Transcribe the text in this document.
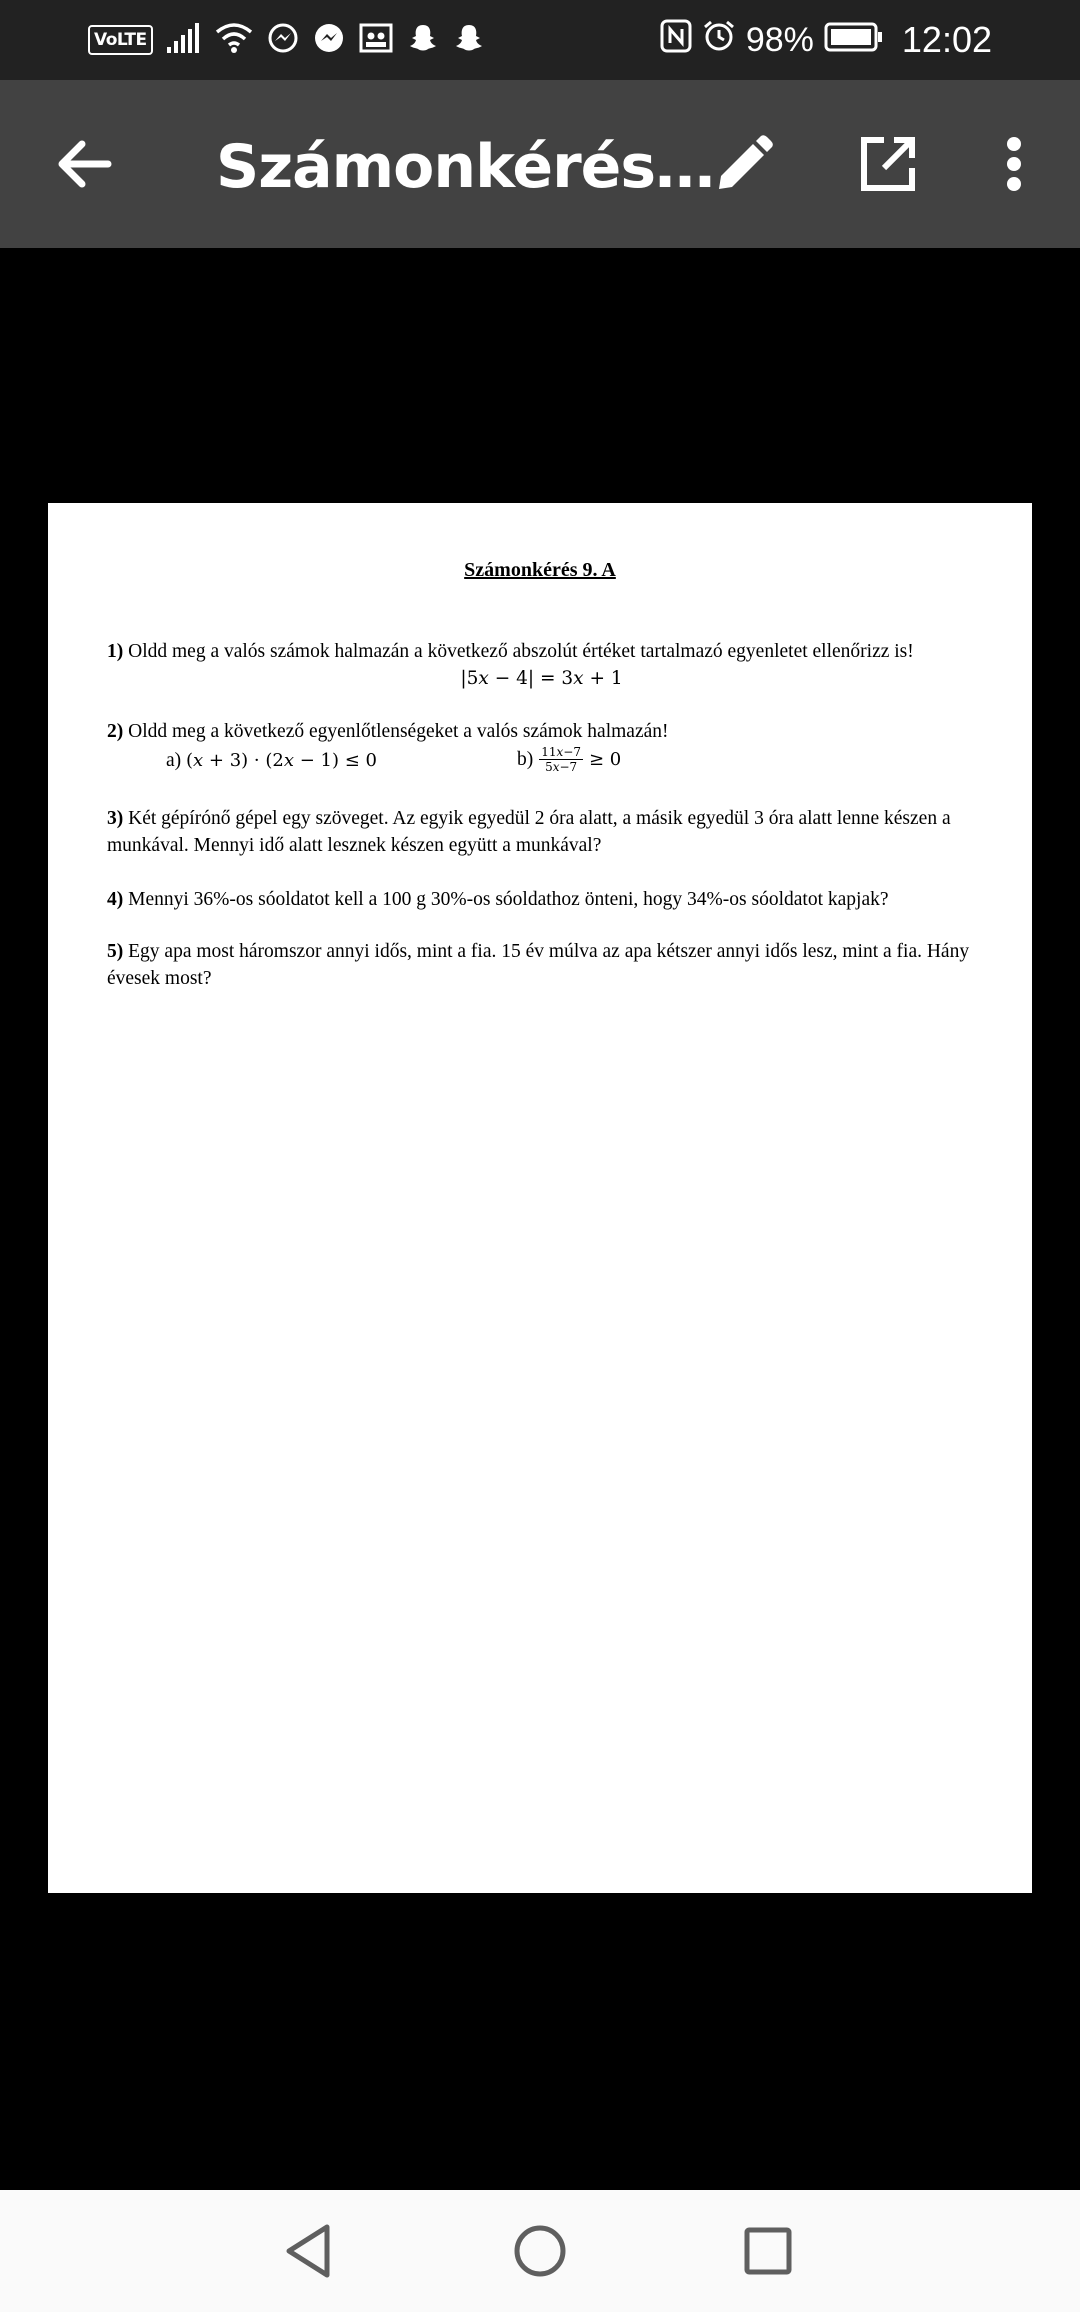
VoLTE	98% 12:02
Számonkérés…
Számonkérés 9. A
1) Oldd meg a valós számok halmazán a következő abszolút értéket tartalmazó egyenletet ellenőrizz is!
|5𝑥 − 4| = 3𝑥 + 1
2) Oldd meg a következő egyenlőtlenségeket a valós számok halmazán!
a) (𝑥 + 3) · (2𝑥 − 1) ≤ 0	$b) \frac{\text{11𝑥−7}}{\text{5𝑥−7}} \ge 0$
3) Két gépírónő gépel egy szöveget. Az egyik egyedül 2 óra alatt, a másik egyedül 3 óra alatt lenne készen a munkával. Mennyi idő alatt lesznek készen együtt a munkával?
4) Mennyi 36%-os sóoldatot kell a 100 g 30%-os sóoldathoz önteni, hogy 34%-os sóoldatot kapjak?
5) Egy apa most háromszor annyi idős, mint a fia. 15 év múlva az apa kétszer annyi idős lesz, mint a fia. Hány évesek most?
